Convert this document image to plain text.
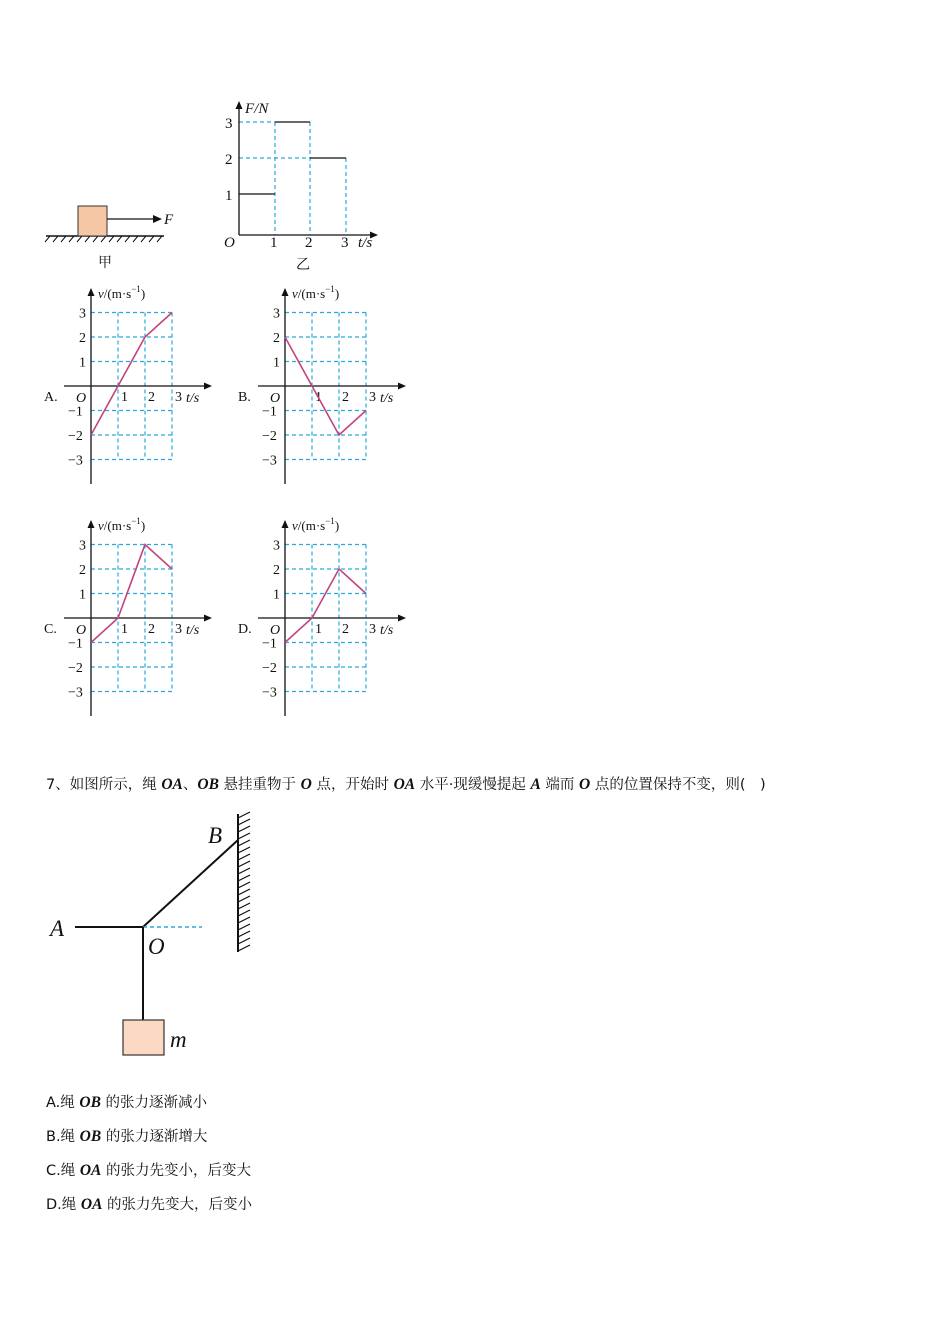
F
甲
F/N
3
2
1
O 1 2 3 t/s
乙
$v/(m\cdot s^{-1})$
3
2
1
−1
−2
−3
O 1 2 3 t/s
A.
$v/(m\cdot s^{-1})$
3
2
1
−1
−2
−3
O 1 2 3 t/s
B.
$v/(m\cdot s^{-1})$
3
2
1
−1
−2
−3
O 1 2 3 t/s
C.
$v/(m\cdot s^{-1})$
3
2
1
−1
−2
−3
O 1 2 3 t/s
D.
7、如图所示，绳 OA、OB 悬挂重物于 O 点，开始时 OA 水平·现缓慢提起 A 端而 O 点的位置保持不变，则(　)
A
B
O
m
A.绳 OB 的张力逐渐减小
B.绳 OB 的张力逐渐增大
C.绳 OA 的张力先变小，后变大
D.绳 OA 的张力先变大，后变小
